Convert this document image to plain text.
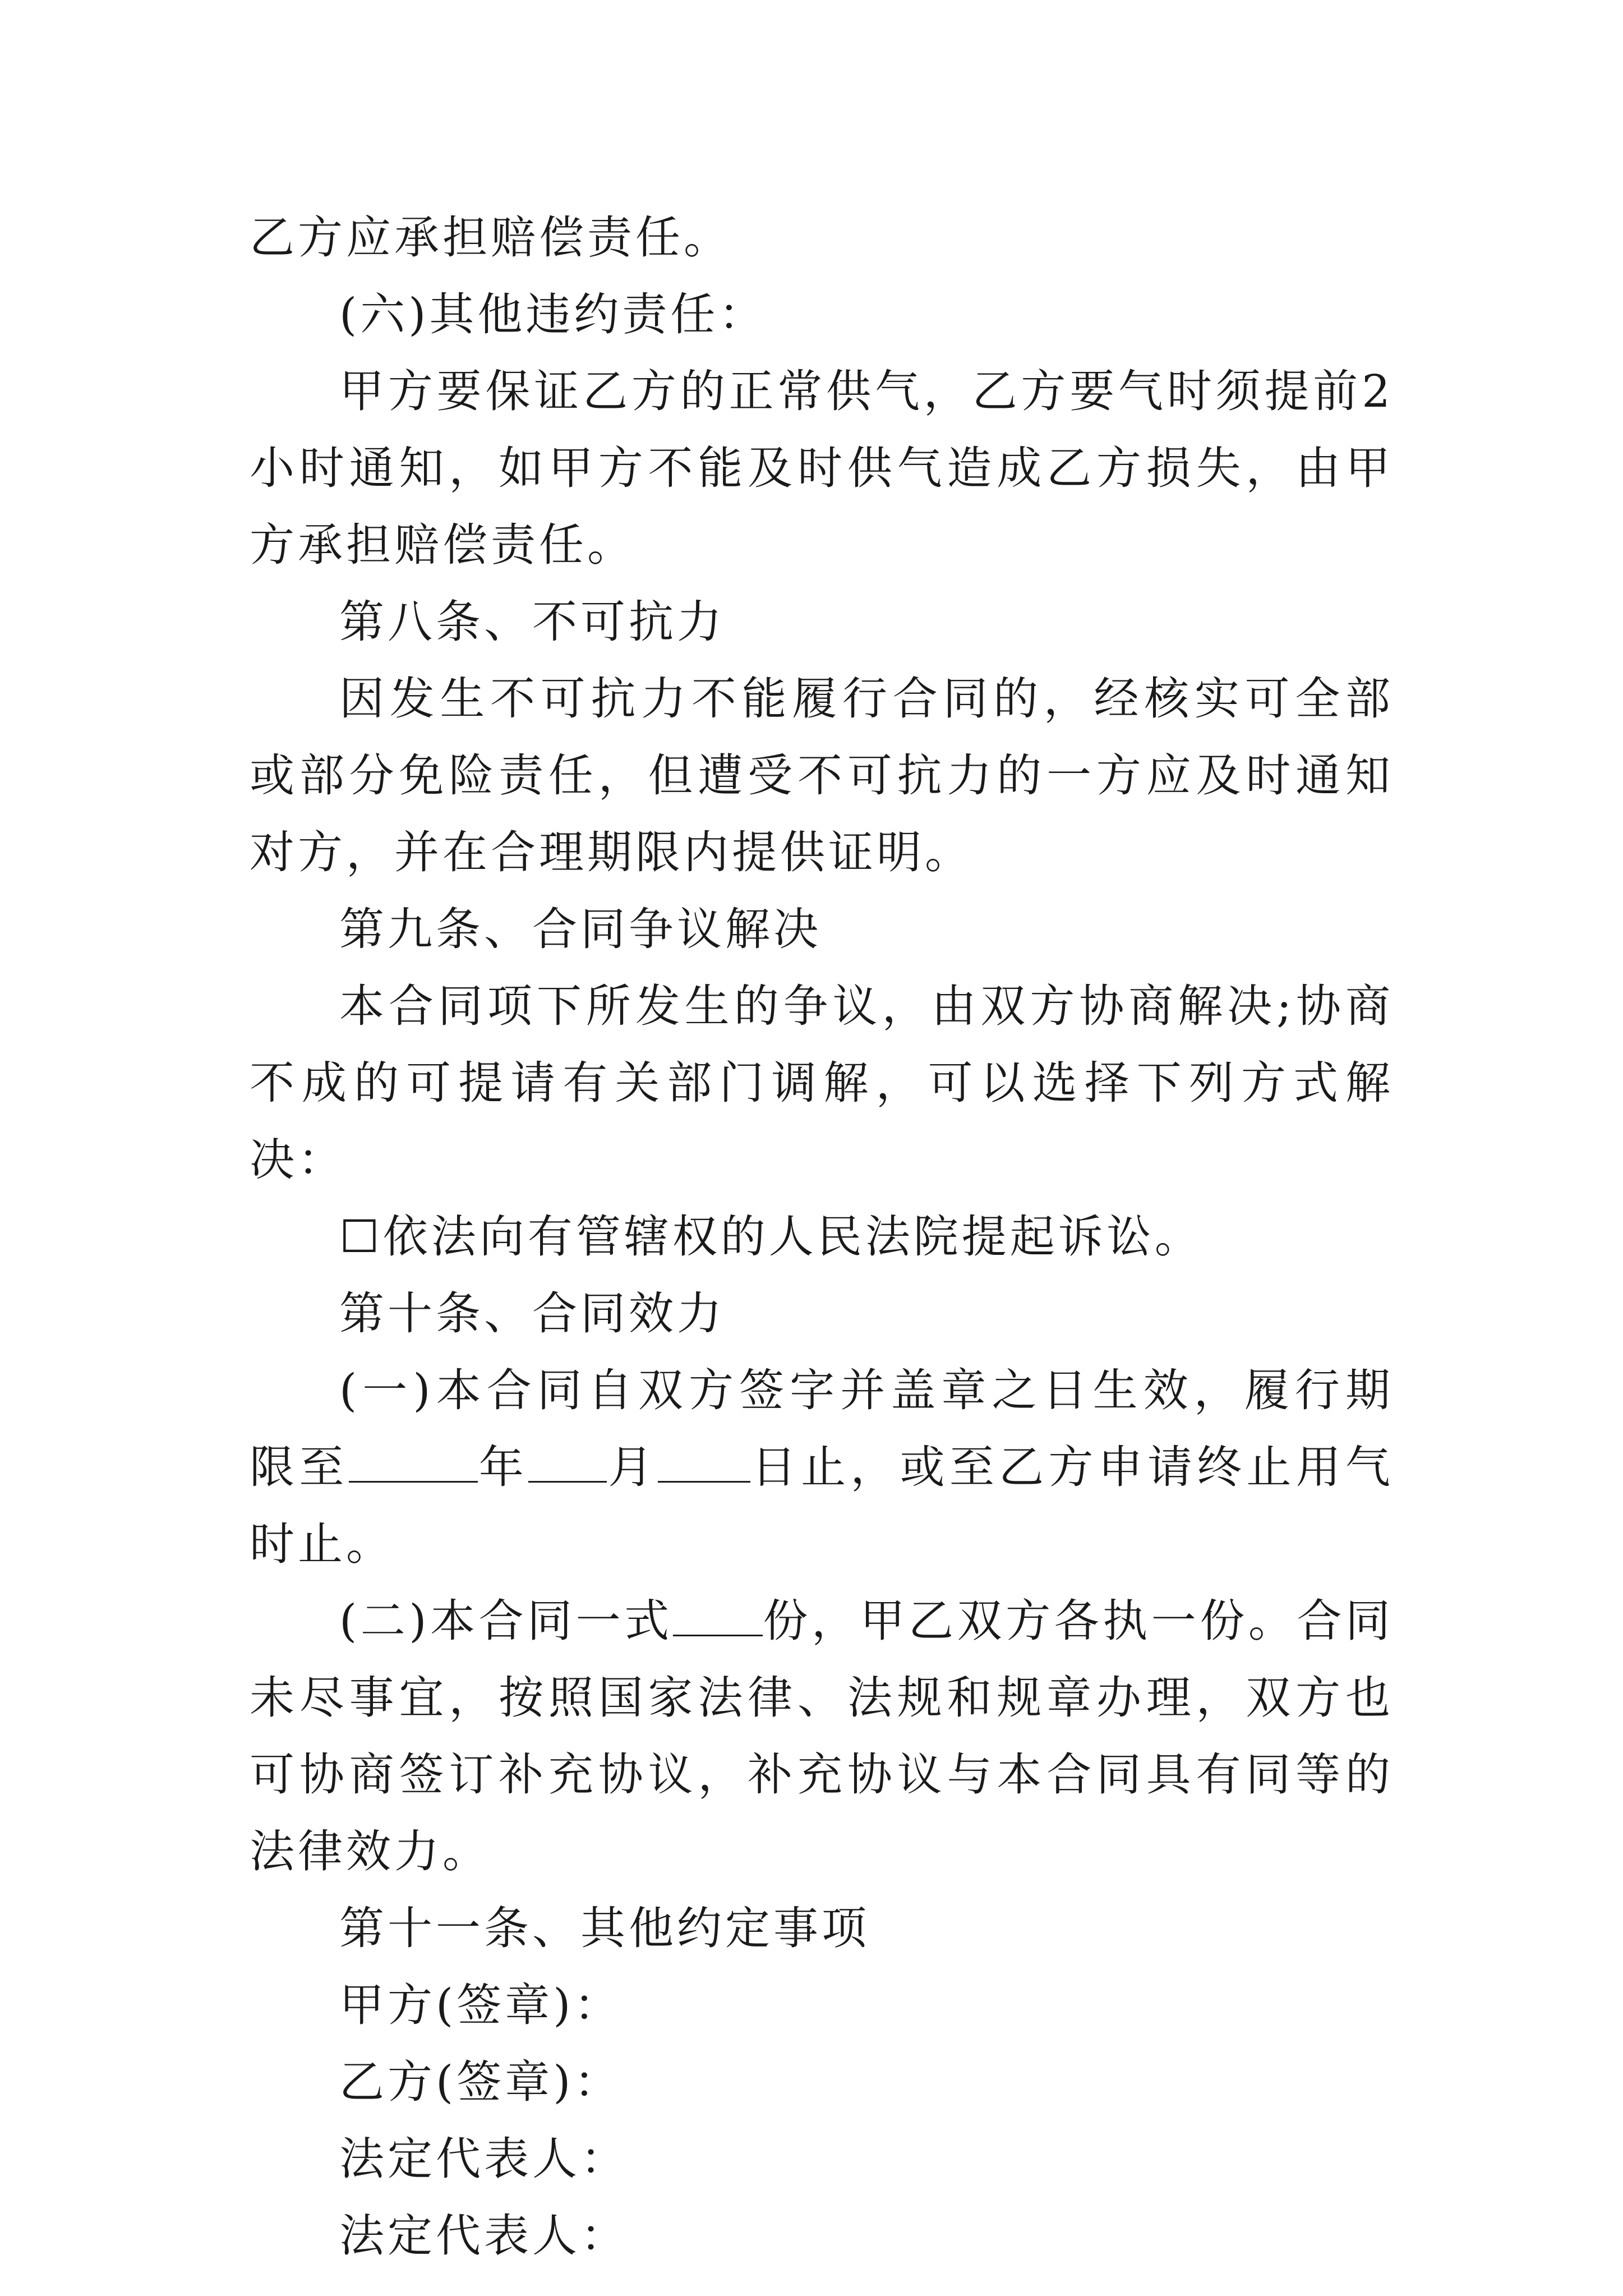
乙方应承担赔偿责任。

(六)其他违约责任：

甲方要保证乙方的正常供气，乙方要气时须提前2小时通知，如甲方不能及时供气造成乙方损失，由甲方承担赔偿责任。

第八条、不可抗力

因发生不可抗力不能履行合同的，经核实可全部或部分免险责任，但遭受不可抗力的一方应及时通知对方，并在合理期限内提供证明。

第九条、合同争议解决

本合同项下所发生的争议，由双方协商解决;协商不成的可提请有关部门调解，可以选择下列方式解决：

☐依法向有管辖权的人民法院提起诉讼。

第十条、合同效力

(一)本合同自双方签字并盖章之日生效，履行期限至	年 月 日止，或至乙方申请终止用气时止。

(二)本合同一式 份，甲乙双方各执一份。合同未尽事宜，按照国家法律、法规和规章办理，双方也可协商签订补充协议，补充协议与本合同具有同等的法律效力。

第十一条、其他约定事项

甲方(签章)：

乙方(签章)：

法定代表人：

法定代表人：
